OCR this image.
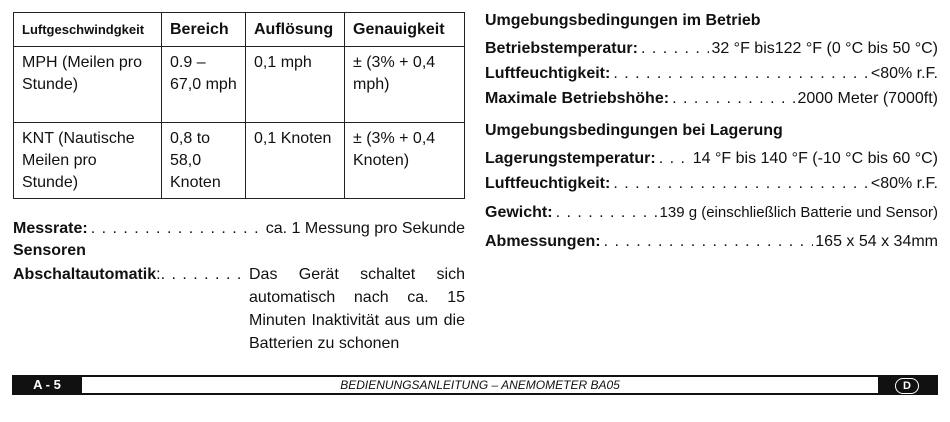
Luftgeschwindgkeit	Bereich	Auflösung	Genauigkeit
MPH (Meilen pro Stunde)	0.9 – 67,0 mph	0,1 mph	± (3% + 0,4 mph)
KNT (Nautische Meilen pro Stunde)	0,8 to 58,0 Knoten	0,1 Knoten	± (3% + 0,4 Knoten)
Messrate: . . .	ca. 1 Messung pro Sekunde
Sensoren
Abschaltautomatik : . . .	Das Gerät schaltet sich automatisch nach ca. 15 Minuten Inaktivität aus um die Batterien zu schonen
Umgebungsbedingungen im Betrieb
Betriebstemperatur: . . .	32 °F bis122 °F (0 °C bis 50 °C)
Luftfeuchtigkeit: . . .	<80% r.F.
Maximale Betriebshöhe: . . .	2000 Meter (7000ft)
Umgebungsbedingungen bei Lagerung
Lagerungstemperatur: . . . 14 °F bis 140 °F (-10 °C bis 60 °C)
Luftfeuchtigkeit: . . .	<80% r.F.
Gewicht: . . .	139 g (einschließlich Batterie und Sensor)
Abmessungen: . . .	165 x 54 x 34mm
A - 5	BEDIENUNGSANLEITUNG – ANEMOMETER BA05	D
